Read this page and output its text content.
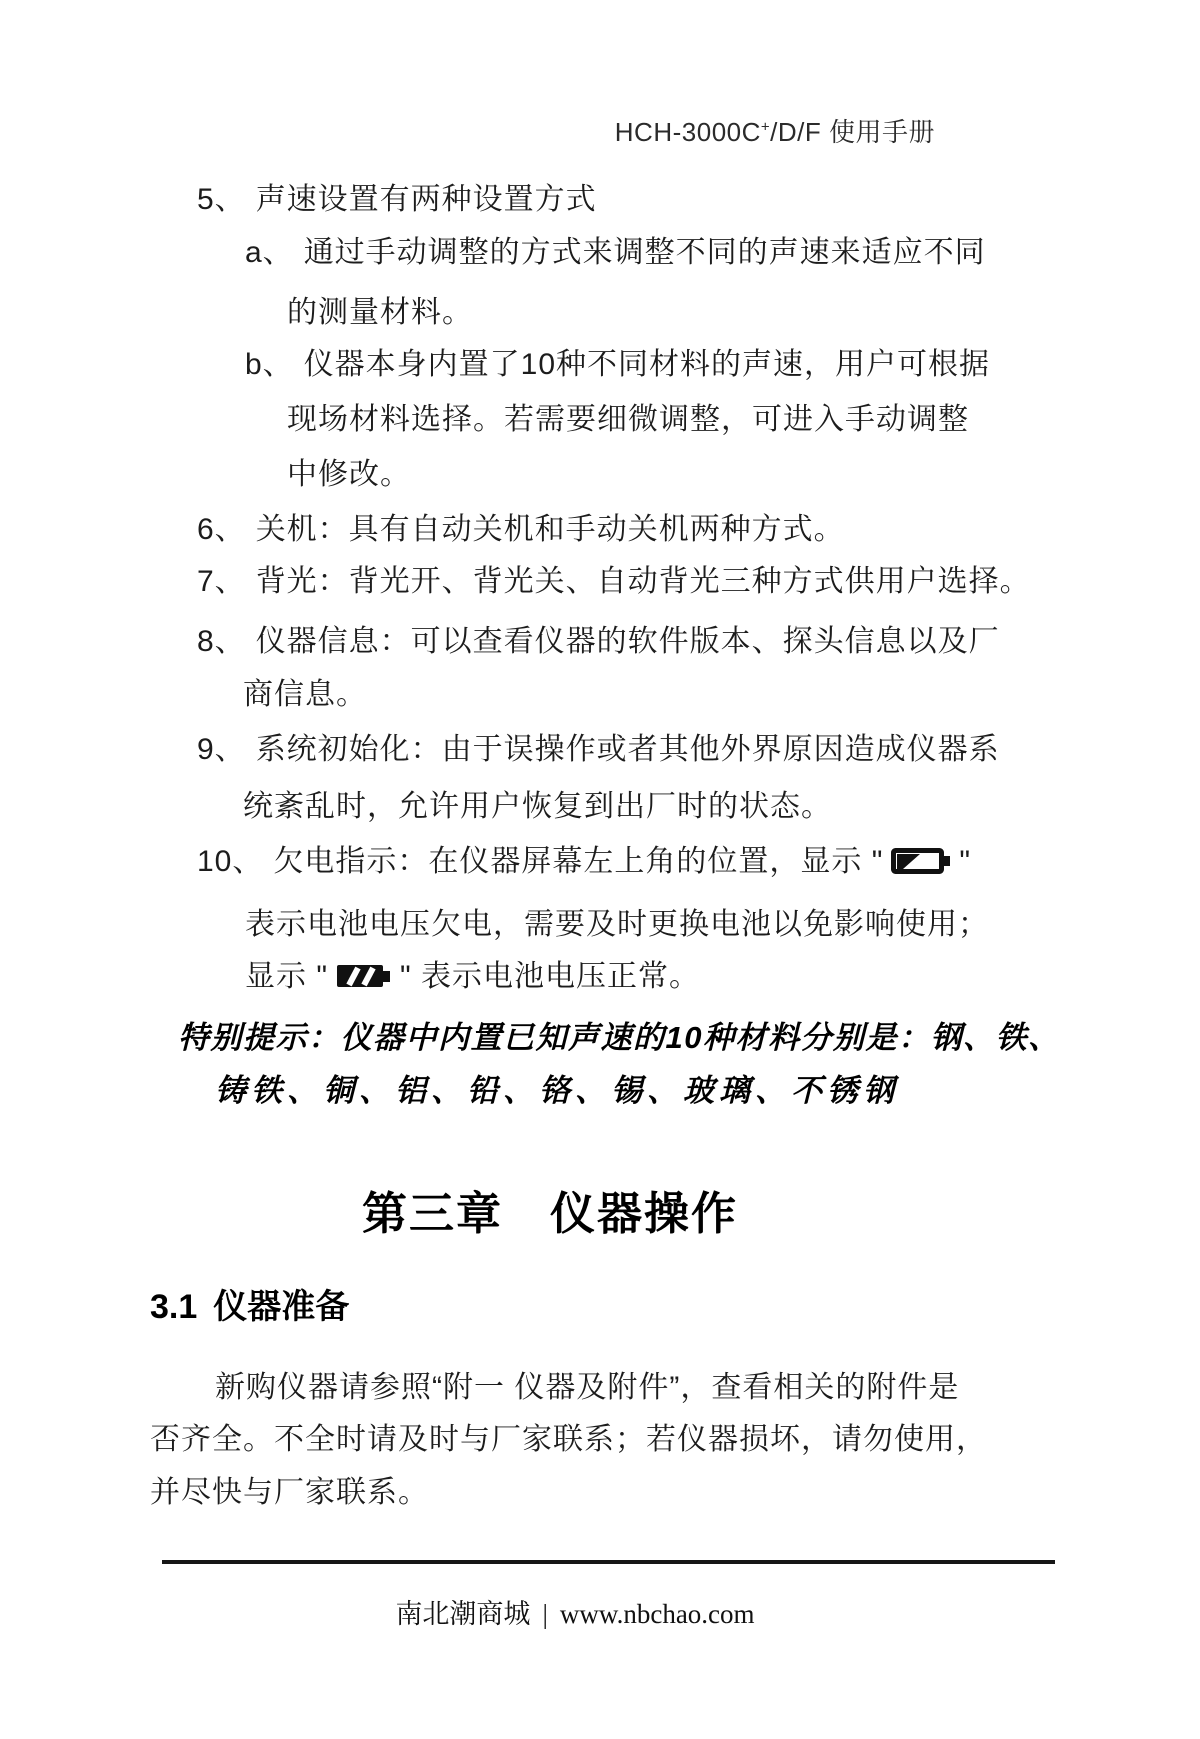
HCH-3000C+/D/F 使用手册
5、 声速设置有两种设置方式
a、 通过手动调整的方式来调整不同的声速来适应不同
的测量材料。
b、 仪器本身内置了10种不同材料的声速，用户可根据
现场材料选择。若需要细微调整，可进入手动调整
中修改。
6、 关机：具有自动关机和手动关机两种方式。
7、 背光：背光开、背光关、自动背光三种方式供用户选择。
8、 仪器信息：可以查看仪器的软件版本、探头信息以及厂
商信息。
9、 系统初始化：由于误操作或者其他外界原因造成仪器系
统紊乱时，允许用户恢复到出厂时的状态。
10、 欠电指示：在仪器屏幕左上角的位置，显示 "	"
表示电池电压欠电，需要及时更换电池以免影响使用；
显示 " " 表示电池电压正常。
特别提示：仪器中内置已知声速的10种材料分别是：钢、铁、
铸铁、铜、铝、铅、铬、锡、玻璃、不锈钢
第三章　仪器操作
3.1 仪器准备
新购仪器请参照“附一 仪器及附件”，查看相关的附件是
否齐全。不全时请及时与厂家联系；若仪器损坏，请勿使用，
并尽快与厂家联系。
南北潮商城 | www.nbchao.com
